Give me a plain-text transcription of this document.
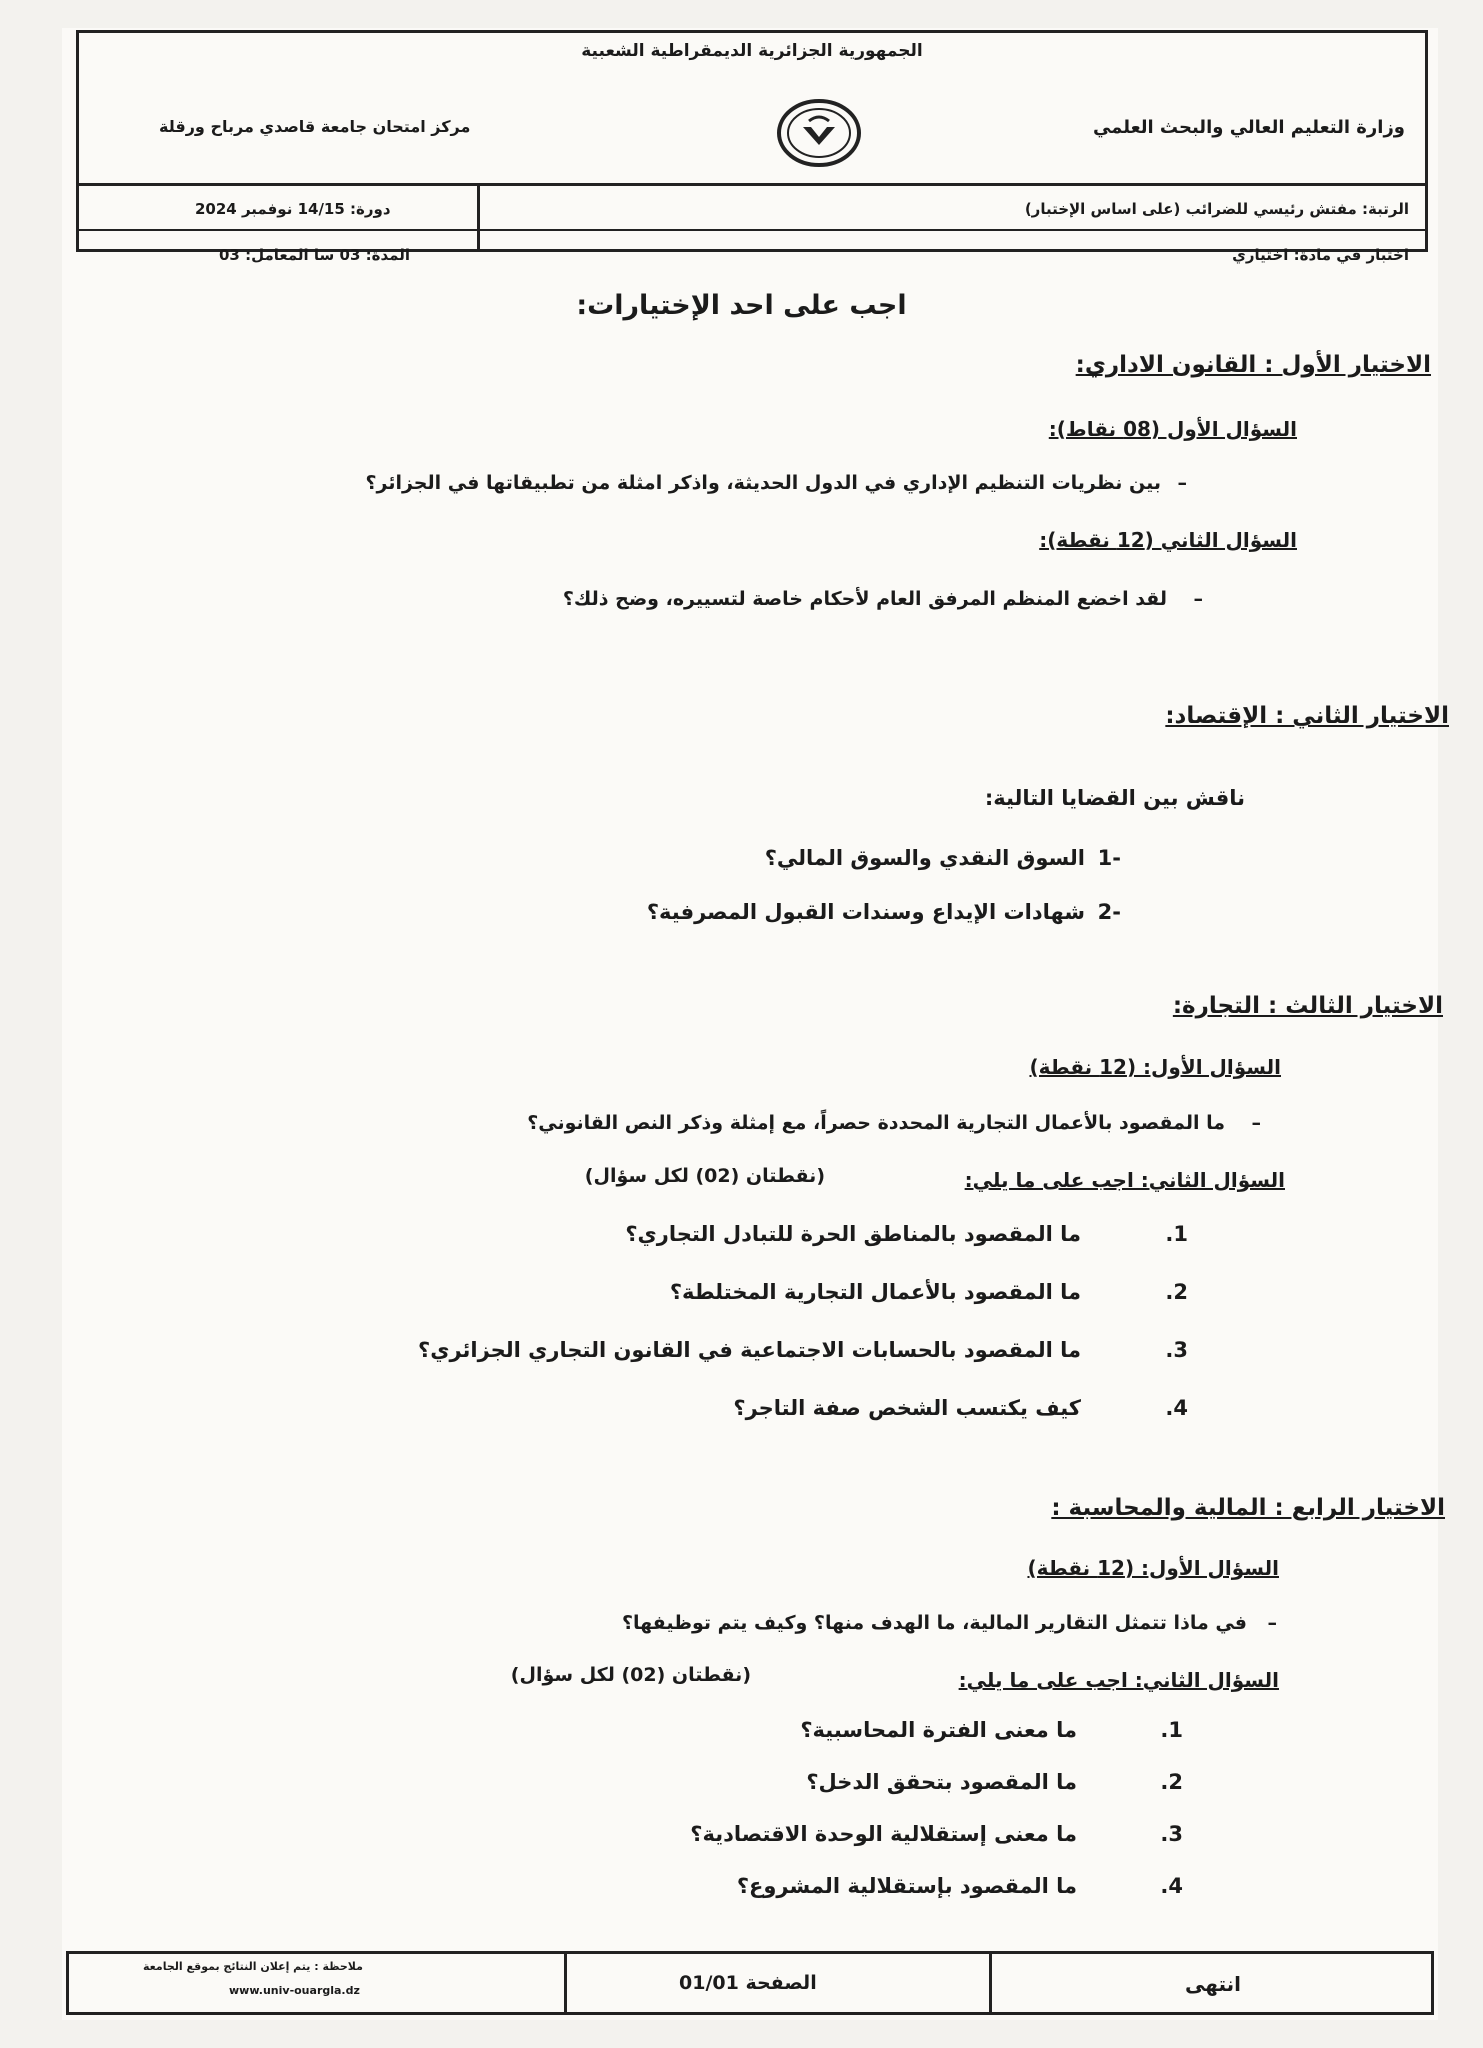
الجمهورية الجزائرية الديمقراطية الشعبية
وزارة التعليم العالي والبحث العلمي
مركز امتحان جامعة قاصدي مرباح ورقلة
الرتبة: مفتش رئيسي للضرائب (على اساس الإختبار)
دورة: 14/15 نوفمبر 2024
اختبار في مادة: اختياري
المدة: 03 سا المعامل: 03
اجب على احد الإختيارات:
الاختيار الأول : القانون الاداري:
السؤال الأول (08 نقاط):
–
بين نظريات التنظيم الإداري في الدول الحديثة، واذكر امثلة من تطبيقاتها في الجزائر؟
السؤال الثاني (12 نقطة):
–
لقد اخضع المنظم المرفق العام لأحكام خاصة لتسييره، وضح ذلك؟
الاختيار الثاني : الإقتصاد:
ناقش بين القضايا التالية:
-1
السوق النقدي والسوق المالي؟
-2
شهادات الإيداع وسندات القبول المصرفية؟
الاختيار الثالث : التجارة:
السؤال الأول: (12 نقطة)
–
ما المقصود بالأعمال التجارية المحددة حصراً، مع إمثلة وذكر النص القانوني؟
السؤال الثاني: اجب على ما يلي:
(نقطتان (02) لكل سؤال)
1.
ما المقصود بالمناطق الحرة للتبادل التجاري؟
2.
ما المقصود بالأعمال التجارية المختلطة؟
3.
ما المقصود بالحسابات الاجتماعية في القانون التجاري الجزائري؟
4.
كيف يكتسب الشخص صفة التاجر؟
الاختيار الرابع : المالية والمحاسبة :
السؤال الأول: (12 نقطة)
–
في ماذا تتمثل التقارير المالية، ما الهدف منها؟ وكيف يتم توظيفها؟
السؤال الثاني: اجب على ما يلي:
(نقطتان (02) لكل سؤال)
1.
ما معنى الفترة المحاسبية؟
2.
ما المقصود بتحقق الدخل؟
3.
ما معنى إستقلالية الوحدة الاقتصادية؟
4.
ما المقصود بإستقلالية المشروع؟
انتهى
الصفحة 01/01
ملاحظة : يتم إعلان النتائج بموقع الجامعة
www.univ-ouargla.dz
